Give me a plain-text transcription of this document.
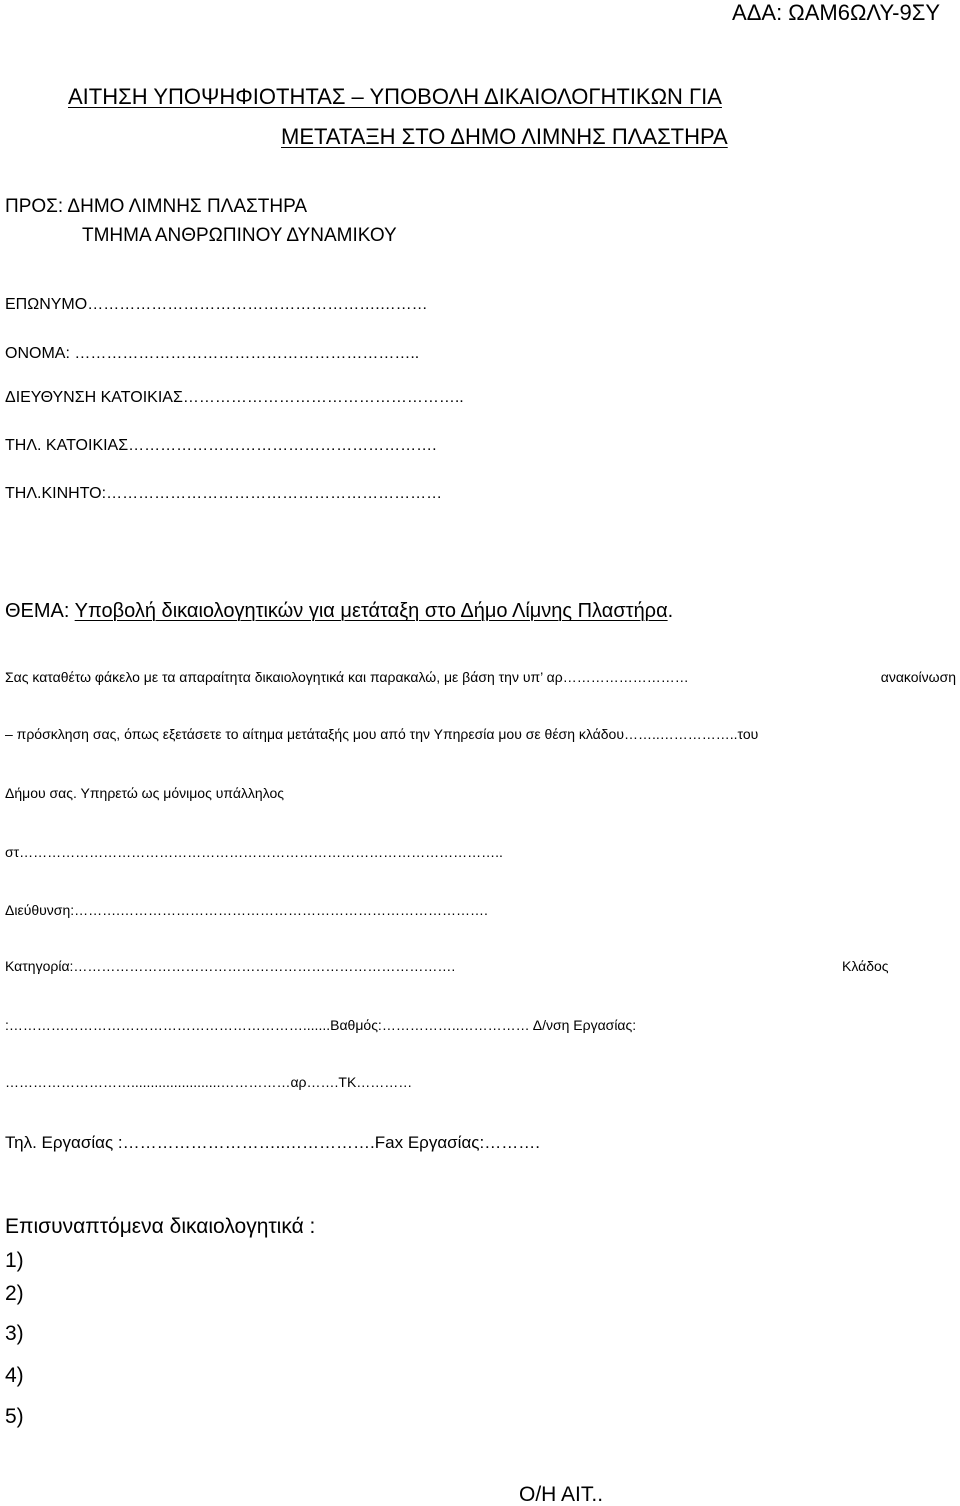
ΑΔΑ: ΩΑΜ6ΩΛΥ-9ΣΥ
ΑΙΤΗΣΗ ΥΠΟΨΗΦΙΟΤΗΤΑΣ – ΥΠΟΒΟΛΗ ΔΙΚΑΙΟΛΟΓΗΤΙΚΩΝ ΓΙΑ
ΜΕΤΑΤΑΞΗ ΣΤΟ ΔΗΜΟ ΛΙΜΝΗΣ ΠΛΑΣΤΗΡΑ
ΠΡΟΣ: ΔΗΜΟ ΛΙΜΝΗΣ ΠΛΑΣΤΗΡΑ
ΤΜΗΜΑ ΑΝΘΡΩΠΙΝΟΥ ΔΥΝΑΜΙΚΟΥ
ΕΠΩΝΥΜΟ……………………………………………….………
ΟΝΟΜΑ: ………………………………………………………..
ΔΙΕΥΘΥΝΣΗ ΚΑΤΟΙΚΙΑΣ……………………………………………..
ΤΗΛ. ΚΑΤΟΙΚΙΑΣ………………………………………………….
ΤΗΛ.ΚΙΝΗΤΟ:………………………………………………………
ΘΕΜΑ: Υποβολή δικαιολογητικών για μετάταξη στο Δήμο Λίμνης Πλαστήρα.
Σας καταθέτω φάκελο με τα απαραίτητα δικαιολογητικά και παρακαλώ, με βάση την υπ’ αρ………………………	ανακοίνωση
– πρόσκληση σας, όπως εξετάσετε το αίτημα μετάταξής μου από την Υπηρεσία μου σε θέση κλάδου……..……………..του
Δήμου σας. Υπηρετώ ως μόνιμος υπάλληλος
στ…………………………………………………………………………………………..
Διεύθυνση:……….…………………………………………………………………….
Κατηγορία:……………………………………………………………………….	Κλάδος
:……………………………………………………….......Βαθμός:……………..…………… Δ/νση Εργασίας:
……………………….......................……………αρ…….ΤΚ…………
Τηλ. Εργασίας :………………………..…………….Fax Εργασίας:……….
Επισυναπτόμενα δικαιολογητικά :
1)
2)
3)
4)
5)
Ο/Η ΑΙΤ..
